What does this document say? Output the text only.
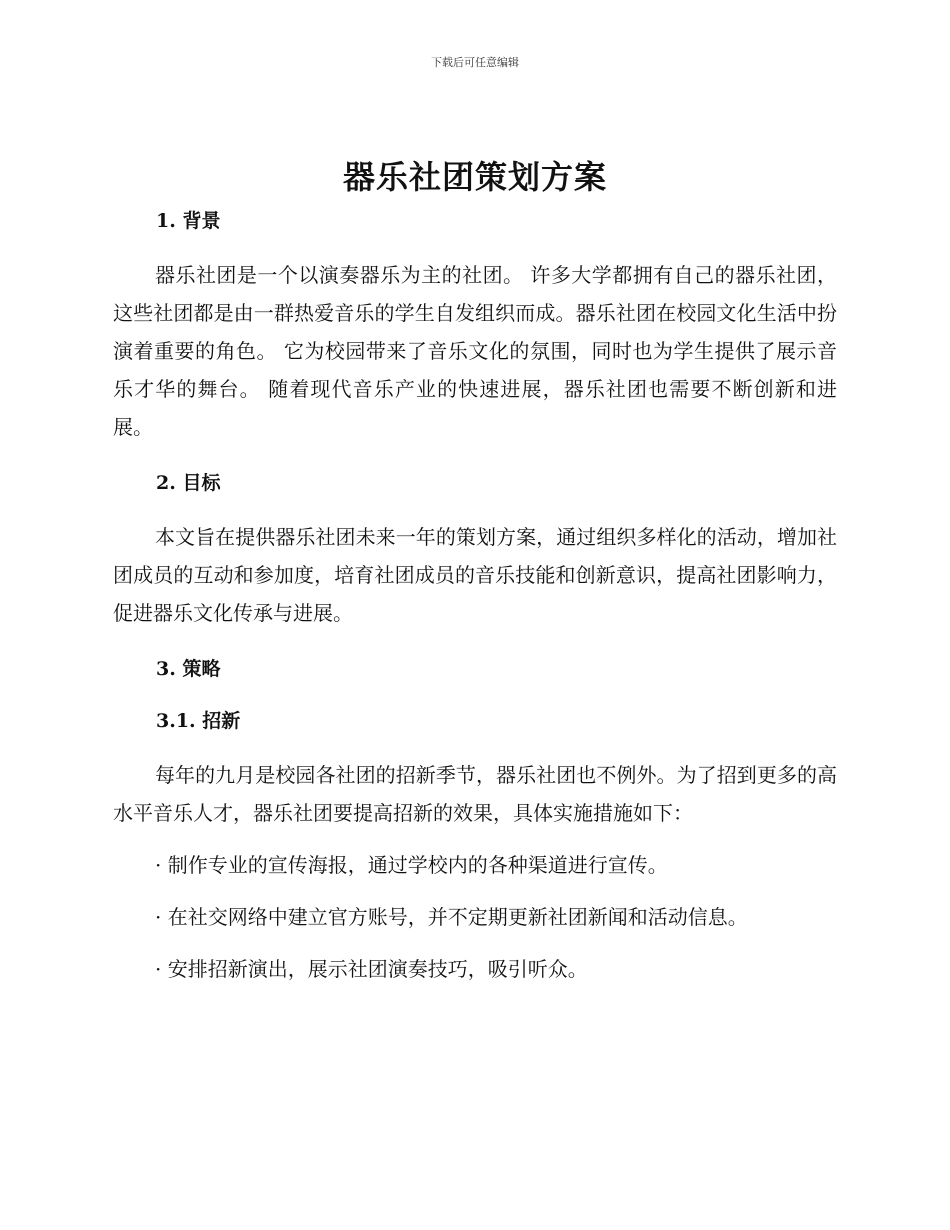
下载后可任意编辑
器乐社团策划方案

1. 背景

器乐社团是一个以演奏器乐为主的社团。 许多大学都拥有自己的器乐社团，这些社团都是由一群热爱音乐的学生自发组织而成。器乐社团在校园文化生活中扮演着重要的角色。 它为校园带来了音乐文化的氛围，同时也为学生提供了展示音乐才华的舞台。 随着现代音乐产业的快速进展，器乐社团也需要不断创新和进展。

2. 目标

本文旨在提供器乐社团未来一年的策划方案，通过组织多样化的活动，增加社团成员的互动和参加度，培育社团成员的音乐技能和创新意识，提高社团影响力，促进器乐文化传承与进展。

3. 策略

3.1. 招新

每年的九月是校园各社团的招新季节，器乐社团也不例外。为了招到更多的高水平音乐人才，器乐社团要提高招新的效果，具体实施措施如下：

· 制作专业的宣传海报，通过学校内的各种渠道进行宣传。

· 在社交网络中建立官方账号，并不定期更新社团新闻和活动信息。

· 安排招新演出，展示社团演奏技巧，吸引听众。
